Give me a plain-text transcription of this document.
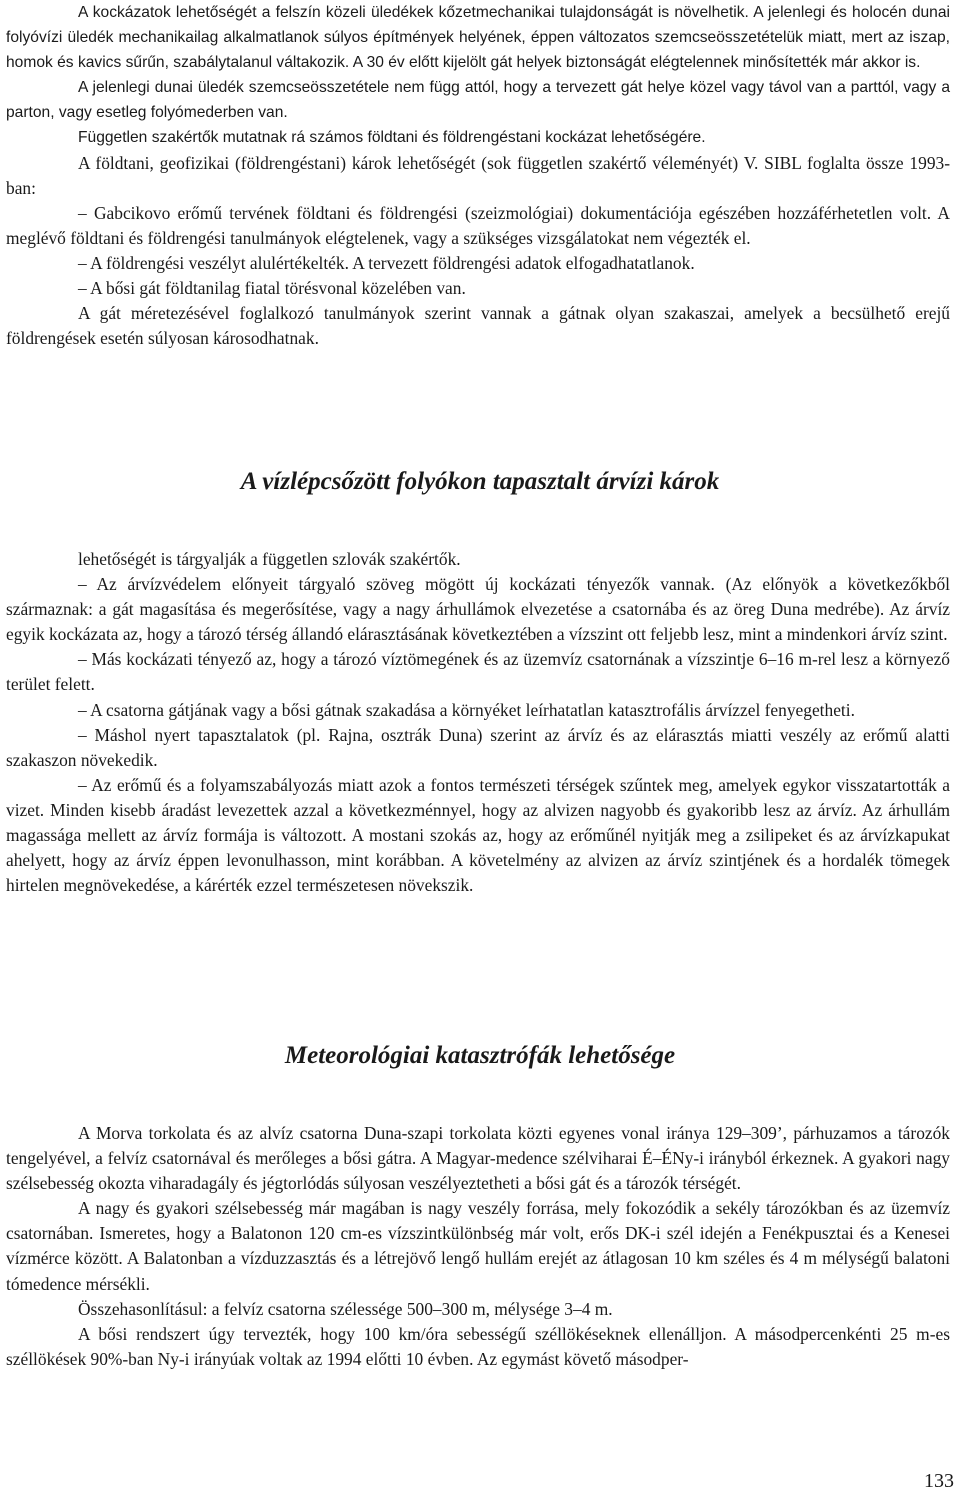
A kockázatok lehetőségét a felszín közeli üledékek kőzetmechanikai tulajdonságát is növelhetik. A jelenlegi és holocén dunai folyóvízi üledék mechanikailag alkalmatlanok súlyos építmények helyének, éppen változatos szemcseösszetételük miatt, mert az iszap, homok és kavics sűrűn, szabálytalanul váltakozik. A 30 év előtt kijelölt gát helyek biztonságát elégtelennek minősítették már akkor is.

A jelenlegi dunai üledék szemcseösszetétele nem függ attól, hogy a tervezett gát helye közel vagy távol van a parttól, vagy a parton, vagy esetleg folyómederben van.

Független szakértők mutatnak rá számos földtani és földrengéstani kockázat lehetőségére.

A földtani, geofizikai (földrengéstani) károk lehetőségét (sok független szakértő véleményét) V. SIBL foglalta össze 1993-ban:

– Gabcikovo erőmű tervének földtani és földrengési (szeizmológiai) dokumentációja egészében hozzáférhetetlen volt. A meglévő földtani és földrengési tanulmányok elégtelenek, vagy a szükséges vizsgálatokat nem végezték el.

– A földrengési veszélyt alulértékelték. A tervezett földrengési adatok elfogadhatatlanok.

– A bősi gát földtanilag fiatal törésvonal közelében van.

A gát méretezésével foglalkozó tanulmányok szerint vannak a gátnak olyan szakaszai, amelyek a becsülhető erejű földrengések esetén súlyosan károsodhatnak.

A vízlépcsőzött folyókon tapasztalt árvízi károk

lehetőségét is tárgyalják a független szlovák szakértők.

– Az árvízvédelem előnyeit tárgyaló szöveg mögött új kockázati tényezők vannak. (Az előnyök a következőkből származnak: a gát magasítása és megerősítése, vagy a nagy árhullámok elvezetése a csatornába és az öreg Duna medrébe). Az árvíz egyik kockázata az, hogy a tározó térség állandó elárasztásának következtében a vízszint ott feljebb lesz, mint a mindenkori árvíz szint.

– Más kockázati tényező az, hogy a tározó víztömegének és az üzemvíz csatornának a vízszintje 6–16 m-rel lesz a környező terület felett.

– A csatorna gátjának vagy a bősi gátnak szakadása a környéket leírhatatlan katasztrofális árvízzel fenyegetheti.

– Máshol nyert tapasztalatok (pl. Rajna, osztrák Duna) szerint az árvíz és az elárasztás miatti veszély az erőmű alatti szakaszon növekedik.

– Az erőmű és a folyamszabályozás miatt azok a fontos természeti térségek szűntek meg, amelyek egykor visszatartották a vizet. Minden kisebb áradást levezettek azzal a következménnyel, hogy az alvizen nagyobb és gyakoribb lesz az árvíz. Az árhullám magassága mellett az árvíz formája is változott. A mostani szokás az, hogy az erőműnél nyitják meg a zsilipeket és az árvízkapukat ahelyett, hogy az árvíz éppen levonulhasson, mint korábban. A követelmény az alvizen az árvíz szintjének és a hordalék tömegek hirtelen megnövekedése, a kárérték ezzel természetesen növekszik.

Meteorológiai katasztrófák lehetősége

A Morva torkolata és az alvíz csatorna Duna-szapi torkolata közti egyenes vonal iránya 129–309’, párhuzamos a tározók tengelyével, a felvíz csatornával és merőleges a bősi gátra. A Magyar-medence szélviharai É–ÉNy-i irányból érkeznek. A gyakori nagy szélsebesség okozta viharadagály és jégtorlódás súlyosan veszélyeztetheti a bősi gát és a tározók térségét.

A nagy és gyakori szélsebesség már magában is nagy veszély forrása, mely fokozódik a sekély tározókban és az üzemvíz csatornában. Ismeretes, hogy a Balatonon 120 cm-es vízszintkülönbség már volt, erős DK-i szél idején a Fenékpusztai és a Kenesei vízmérce között. A Balatonban a vízduzzasztás és a létrejövő lengő hullám erejét az átlagosan 10 km széles és 4 m mélységű balatoni tómedence mérsékli.

Összehasonlításul: a felvíz csatorna szélessége 500–300 m, mélysége 3–4 m.

A bősi rendszert úgy tervezték, hogy 100 km/óra sebességű széllökéseknek ellenálljon. A másodpercenkénti 25 m-es széllökések 90%-ban Ny-i irányúak voltak az 1994 előtti 10 évben. Az egymást követő másodper-

133
